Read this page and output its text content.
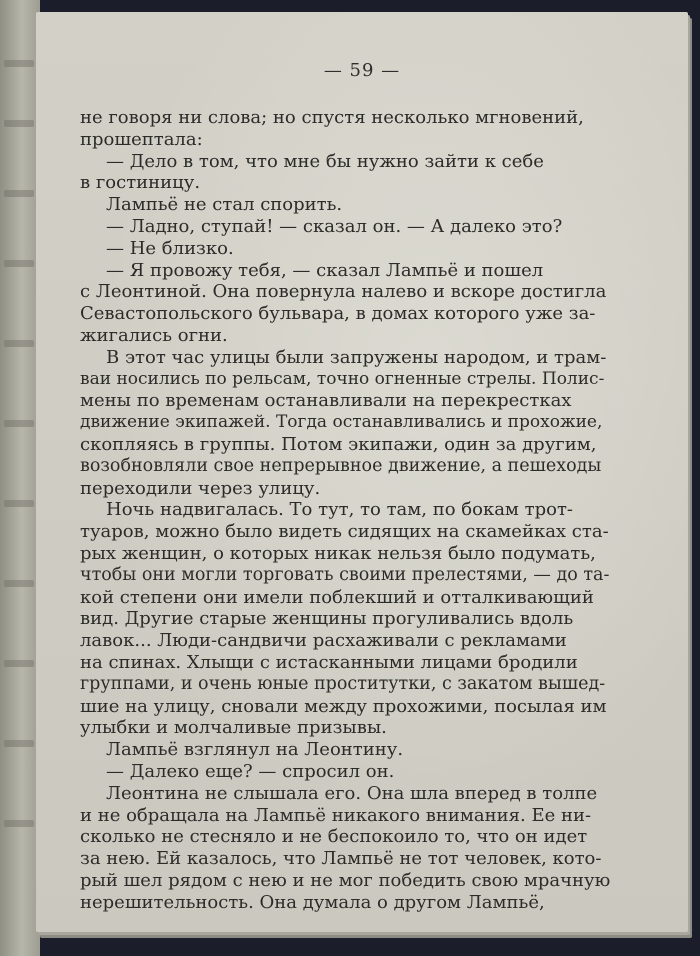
— 59 —
не говоря ни слова; но спустя несколько мгновений,
прошептала:
— Дело в том, что мне бы нужно зайти к себе
в гостиницу.
Лампьё не стал спорить.
— Ладно, ступай! — сказал он. — А далеко это?
— Не близко.
— Я провожу тебя, — сказал Лампьё и пошел
с Леонтиной. Она повернула налево и вскоре достигла
Севастопольского бульвара, в домах которого уже за-
жигались огни.
В этот час улицы были запружены народом, и трам-
ваи носились по рельсам, точно огненные стрелы. Полис-
мены по временам останавливали на перекрестках
движение экипажей. Тогда останавливались и прохожие,
скопляясь в группы. Потом экипажи, один за другим,
возобновляли свое непрерывное движение, а пешеходы
переходили через улицу.
Ночь надвигалась. То тут, то там, по бокам трот-
туаров, можно было видеть сидящих на скамейках ста-
рых женщин, о которых никак нельзя было подумать,
чтобы они могли торговать своими прелестями, — до та-
кой степени они имели поблекший и отталкивающий
вид. Другие старые женщины прогуливались вдоль
лавок... Люди-сандвичи расхаживали с рекламами
на спинах. Хлыщи с истасканными лицами бродили
группами, и очень юные проститутки, с закатом вышед-
шие на улицу, сновали между прохожими, посылая им
улыбки и молчаливые призывы.
Лампьё взглянул на Леонтину.
— Далеко еще? — спросил он.
Леонтина не слышала его. Она шла вперед в толпе
и не обращала на Лампьё никакого внимания. Ее ни-
сколько не стесняло и не беспокоило то, что он идет
за нею. Ей казалось, что Лампьё не тот человек, кото-
рый шел рядом с нею и не мог победить свою мрачную
нерешительность. Она думала о другом Лампьё,
